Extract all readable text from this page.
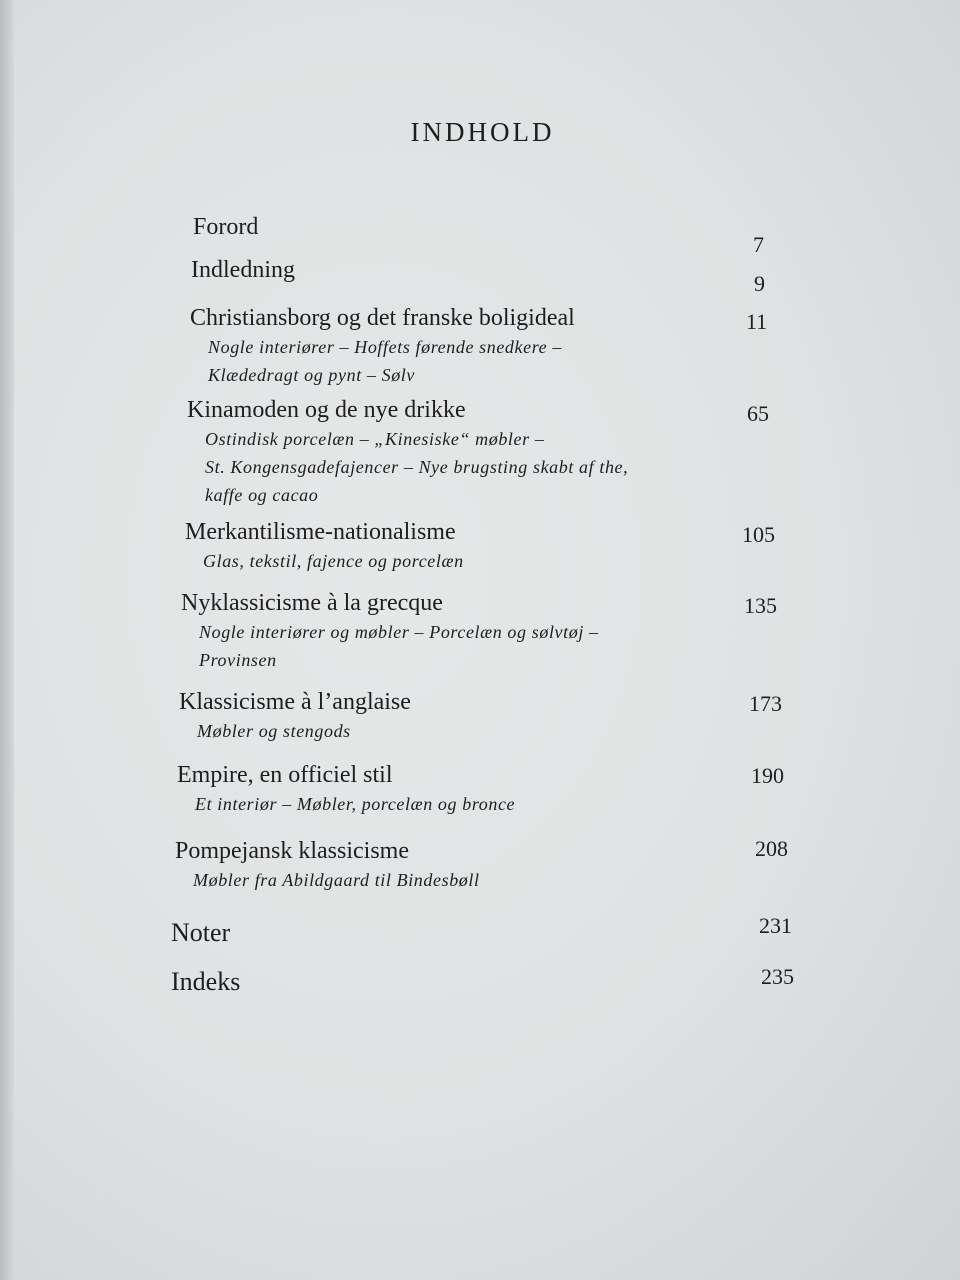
INDHOLD
Forord
7
Indledning
9
Christiansborg og det franske boligideal
Nogle interiører – Hoffets førende snedkere –
Klædedragt og pynt – Sølv
11
Kinamoden og de nye drikke
Ostindisk porcelæn – „Kinesiske“ møbler –
St. Kongensgadefajencer – Nye brugsting skabt af the,
kaffe og cacao
65
Merkantilisme-nationalisme
Glas, tekstil, fajence og porcelæn
105
Nyklassicisme à la grecque
Nogle interiører og møbler – Porcelæn og sølvtøj –
Provinsen
135
Klassicisme à l’anglaise
Møbler og stengods
173
Empire, en officiel stil
Et interiør – Møbler, porcelæn og bronce
190
Pompejansk klassicisme
Møbler fra Abildgaard til Bindesbøll
208
Noter	231
Indeks	235
